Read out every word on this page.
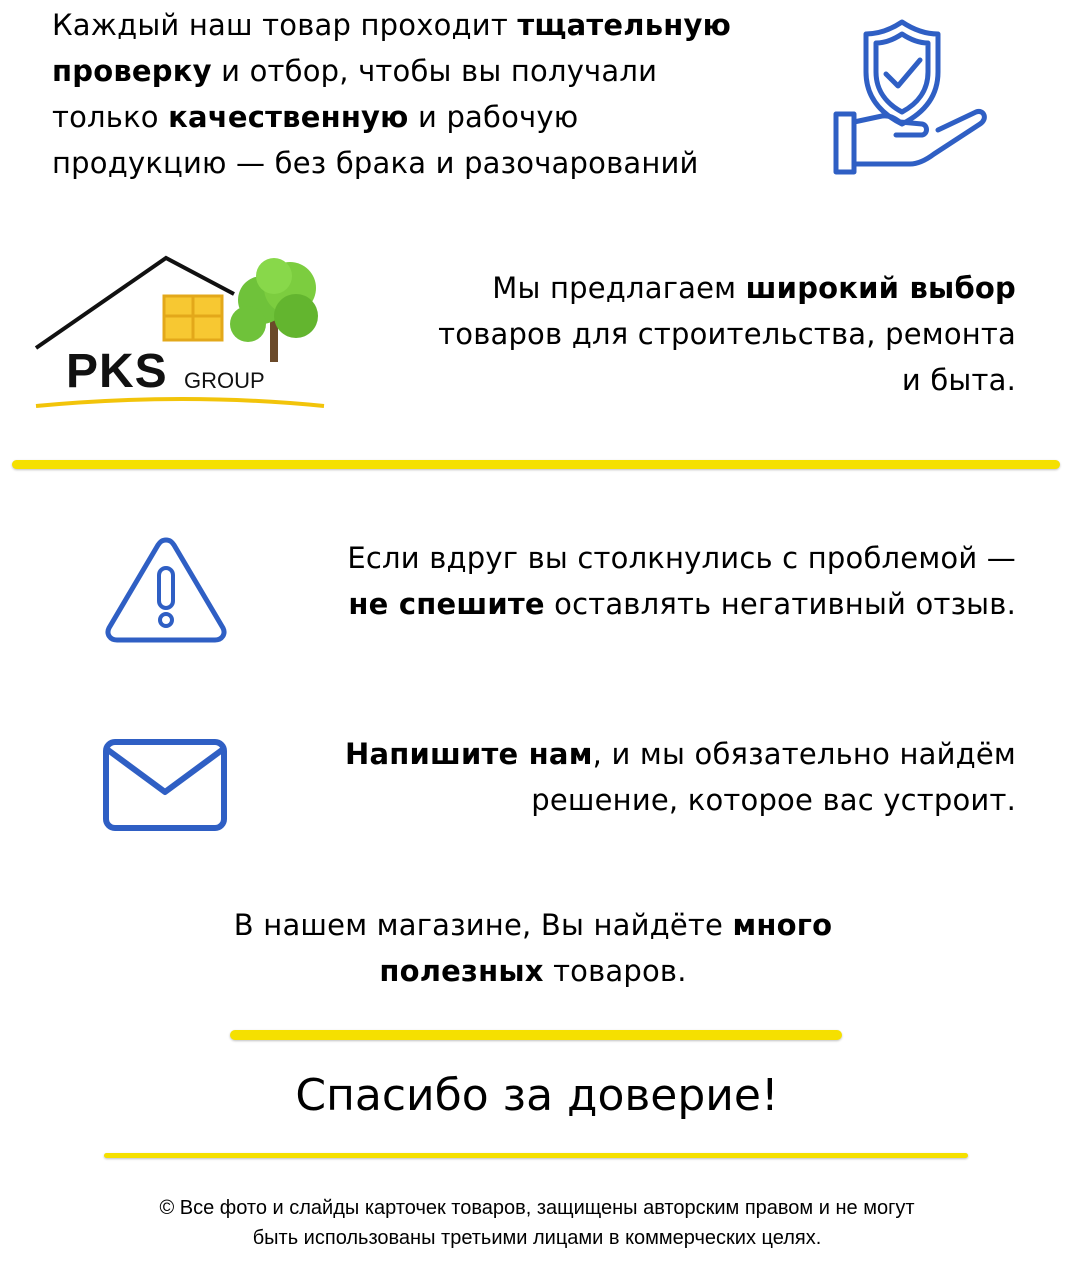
Каждый наш товар проходит тщательную
проверку и отбор, чтобы вы получали
только качественную и рабочую
продукцию — без брака и разочарований
PKS GROUP
Мы предлагаем широкий выбор
товаров для строительства, ремонта
и быта.
Если вдруг вы столкнулись с проблемой —
не спешите оставлять негативный отзыв.
Напишите нам, и мы обязательно найдём
решение, которое вас устроит.
В нашем магазине, Вы найдёте много
полезных товаров.
Спасибо за доверие!
© Все фото и слайды карточек товаров, защищены авторским правом и не могут
быть использованы третьими лицами в коммерческих целях.
